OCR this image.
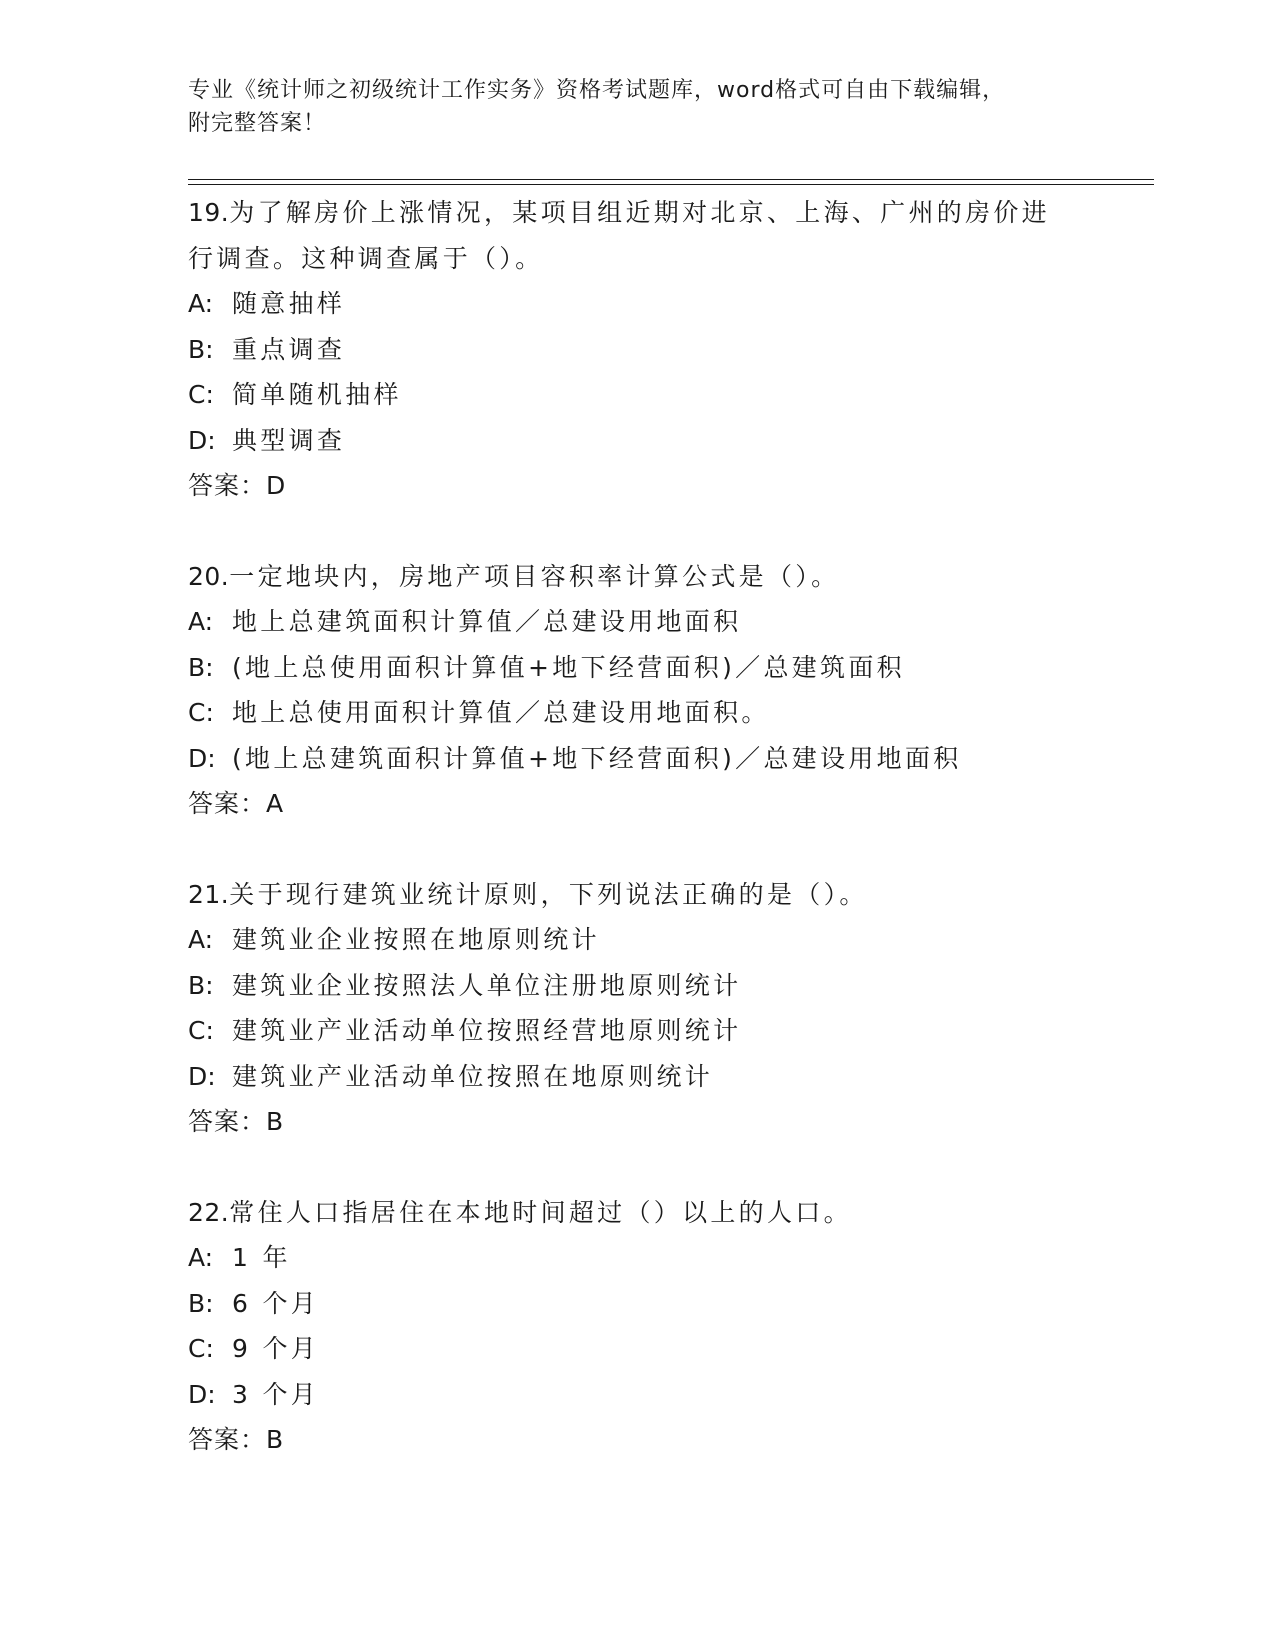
专业《统计师之初级统计工作实务》资格考试题库，word格式可自由下载编辑，
附完整答案！
19.为了解房价上涨情况，某项目组近期对北京、上海、广州的房价进
行调查。这种调查属于（）。
A: 随意抽样
B: 重点调查
C: 简单随机抽样
D: 典型调查
答案：D
20.一定地块内，房地产项目容积率计算公式是（）。
A: 地上总建筑面积计算值／总建设用地面积
B: (地上总使用面积计算值+地下经营面积)／总建筑面积
C: 地上总使用面积计算值／总建设用地面积。
D: (地上总建筑面积计算值+地下经营面积)／总建设用地面积
答案：A
21.关于现行建筑业统计原则，下列说法正确的是（）。
A: 建筑业企业按照在地原则统计
B: 建筑业企业按照法人单位注册地原则统计
C: 建筑业产业活动单位按照经营地原则统计
D: 建筑业产业活动单位按照在地原则统计
答案：B
22.常住人口指居住在本地时间超过（）以上的人口。
A: 1 年
B: 6 个月
C: 9 个月
D: 3 个月
答案：B
